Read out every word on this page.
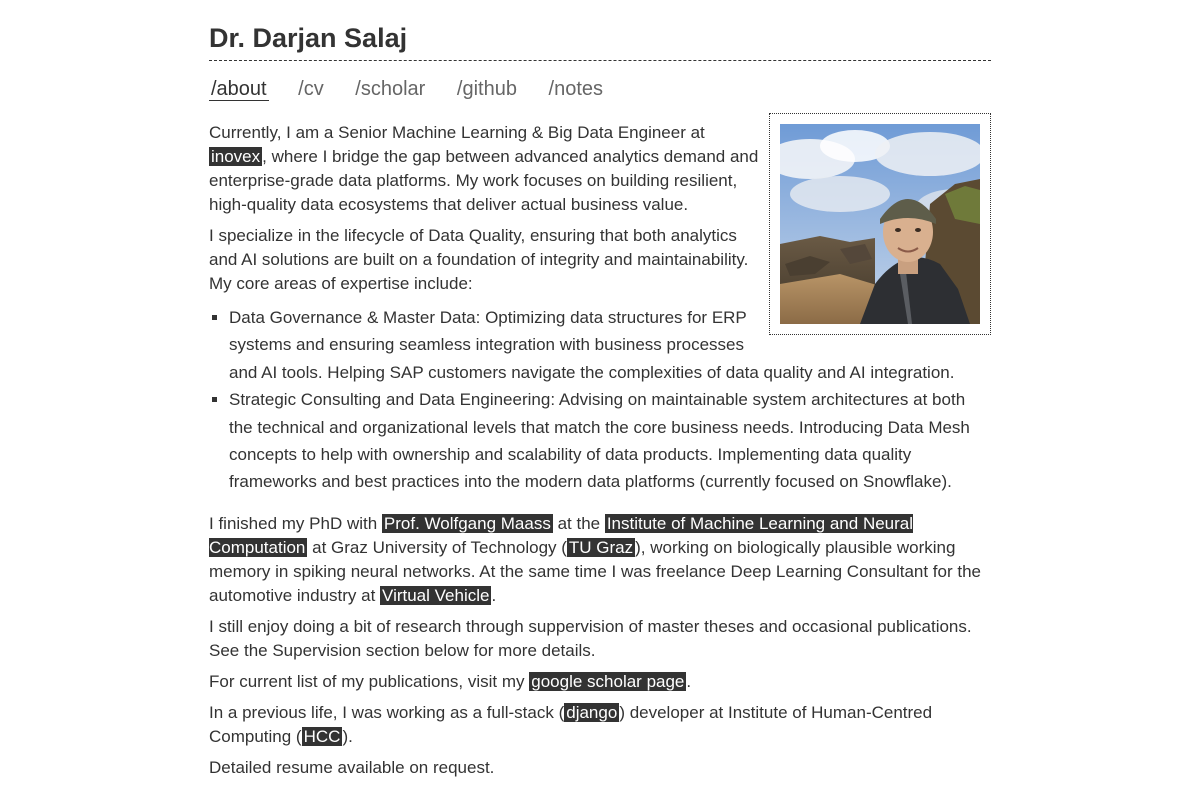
Dr. Darjan Salaj
/about /cv /scholar /github /notes

Currently, I am a Senior Machine Learning & Big Data Engineer at inovex , where I bridge the gap between advanced analytics demand and enterprise-grade data platforms. My work focuses on building resilient, high-quality data ecosystems that deliver actual business value.

I specialize in the lifecycle of Data Quality, ensuring that both analytics and AI solutions are built on a foundation of integrity and maintainability. My core areas of expertise include:

▪ Data Governance & Master Data: Optimizing data structures for ERP systems and ensuring seamless integration with business processes and AI tools. Helping SAP customers navigate the complexities of data quality and AI integration.
▪ Strategic Consulting and Data Engineering: Advising on maintainable system architectures at both the technical and organizational levels that match the core business needs. Introducing Data Mesh concepts to help with ownership and scalability of data products. Implementing data quality frameworks and best practices into the modern data platforms (currently focused on Snowflake).

I finished my PhD with Prof. Wolfgang Maass at the Institute of Machine Learning and Neural Computation at Graz University of Technology ( TU Graz ), working on biologically plausible working memory in spiking neural networks. At the same time I was freelance Deep Learning Consultant for the automotive industry at Virtual Vehicle .

I still enjoy doing a bit of research through suppervision of master theses and occasional publications. See the Supervision section below for more details.

For current list of my publications, visit my google scholar page .

In a previous life, I was working as a full-stack ( django ) developer at Institute of Human-Centred Computing ( HCC ).

Detailed resume available on request.
